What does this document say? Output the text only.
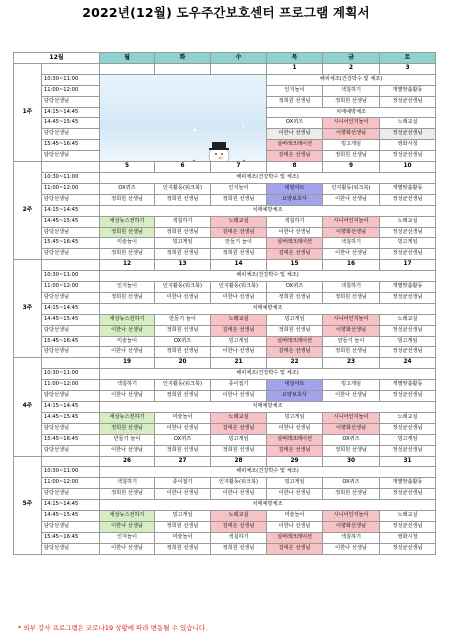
2022년(12월) 도우주간보호센터 프로그램 계획서
12월		월	화	수	목	금	토
1주					1	2	3
	10:30~11:00				해피체조(건강박수 및 체조)		
	11:00~12:00				인지놀이	색칠하기	개별맞춤활동
	담당선생님				정희원 선생님	정희원 선생님	정성균선생님
	14:15~14:45				치매예방체조		
	14:45~15:45				OX퀴즈	시니어인지놀이	노래교실
	담당선생님				이한나 선생님	이향화선생님	정성균선생님
	15:45~16:45				실버레크레이션	빙고게임	영화시청
	담당선생님				김태은 선생님	정희원 선생님	정성균선생님
2주		5	6	7	8	9	10
	10:30~11:00	해피체조(건강박수 및 체조)					
	11:00~12:00	OX퀴즈	인지활동(워크북)	인지놀이	네일아트	인지활동(워크북)	개별맞춤활동
	담당선생님	정희원 선생님	정희원 선생님	정희원 선생님	요양보호사	이한나 선생님	정성균선생님
	14:15~14:45	치매예방체조					
	14:45~15:45	세상뉴스전하기	색칠하기	노래교실	색칠하기	시니어인지놀이	노래교실
	담당선생님	정희원 선생님	정희원 선생님	김태은 선생님	이한나 선생님	이향화선생님	정성균선생님
	15:45~16:45	미술놀이	빙고게임	만들기 놀이	실버레크레이션	색칠하기	빙고게임
	담당선생님	정희원 선생님	정희원 선생님	정희원 선생님	김태은 선생님	이한나 선생님	정성균선생님
3주		12	13	14	15	16	17
	10:30~11:00	해피체조(건강박수 및 체조)					
	11:00~12:00	인지놀이	인지활동(워크북)	인지활동(워크북)	OX퀴즈	색칠하기	개별맞춤활동
	담당선생님	정희원 선생님	이한나 선생님	이한나 선생님	정희원 선생님	정희원 선생님	정성균선생님
	14:15~14:45	치매예방체조					
	14:45~15:45	세상뉴스전하기	만들기 놀이	노래교실	빙고게임	시니어인지놀이	노래교실
	담당선생님	이한나 선생님	정희원 선생님	김태은 선생님	정희원 선생님	이향화선생님	정성균선생님
	15:45~16:45	미술놀이	OX퀴즈	빙고게임	실버레크레이션	만들기 놀이	빙고게임
	담당선생님	이한나 선생님	정희원 선생님	이한나 선생님	김태은 선생님	정희원 선생님	정성균선생님
4주		19	20	21	22	23	24
	10:30~11:00	해피체조(건강박수 및 체조)					
	11:00~12:00	색칠하기	인지활동(워크북)	종이접기	네일아트	빙고게임	개별맞춤활동
	담당선생님	이한나 선생님	정희원 선생님	이한나 선생님	요양보호사	이한나 선생님	정성균선생님
	14:15~14:45	치매예방체조					
	14:45~15:45	세상뉴스전하기	미술놀이	노래교실	빙고게임	시니어인지놀이	노래교실
	담당선생님	정희원 선생님	이한나 선생님	김태은 선생님	이한나 선생님	이향화선생님	정성균선생님
	15:45~16:45	만들기 놀이	OX퀴즈	빙고게임	실버레크레이션	OX퀴즈	빙고게임
	담당선생님	이한나 선생님	정희원 선생님	정희원 선생님	김태은 선생님	정희원 선생님	정성균선생님
5주		26	27	28	29	30	31
	10:30~11:00	해피체조(건강박수 및 체조)					
	11:00~12:00	색칠하기	종이접기	인지활동(워크북)	빙고게임	OX퀴즈	개별맞춤활동
	담당선생님	정희원 선생님	이한나 선생님	이한나 선생님	이한나 선생님	정희원 선생님	정성균선생님
	14:15~14:45	치매예방체조					
	14:45~15:45	세상뉴스전하기	빙고게임	노래교실	미술놀이	시니어인지놀이	노래교실
	담당선생님	이한나 선생님	정희원 선생님	김태은 선생님	이한나 선생님	이향화선생님	정성균선생님
	15:45~16:45	인지놀이	미술놀이	색칠하기	실버레크레이션	색칠하기	영화시청
	담당선생님	이한나 선생님	정희원 선생님	정희원 선생님	김태은 선생님	이한나 선생님	정성균선생님
* 외부 강사 프로그램은 코로나19 상황에 따라 변동될 수 있습니다.
